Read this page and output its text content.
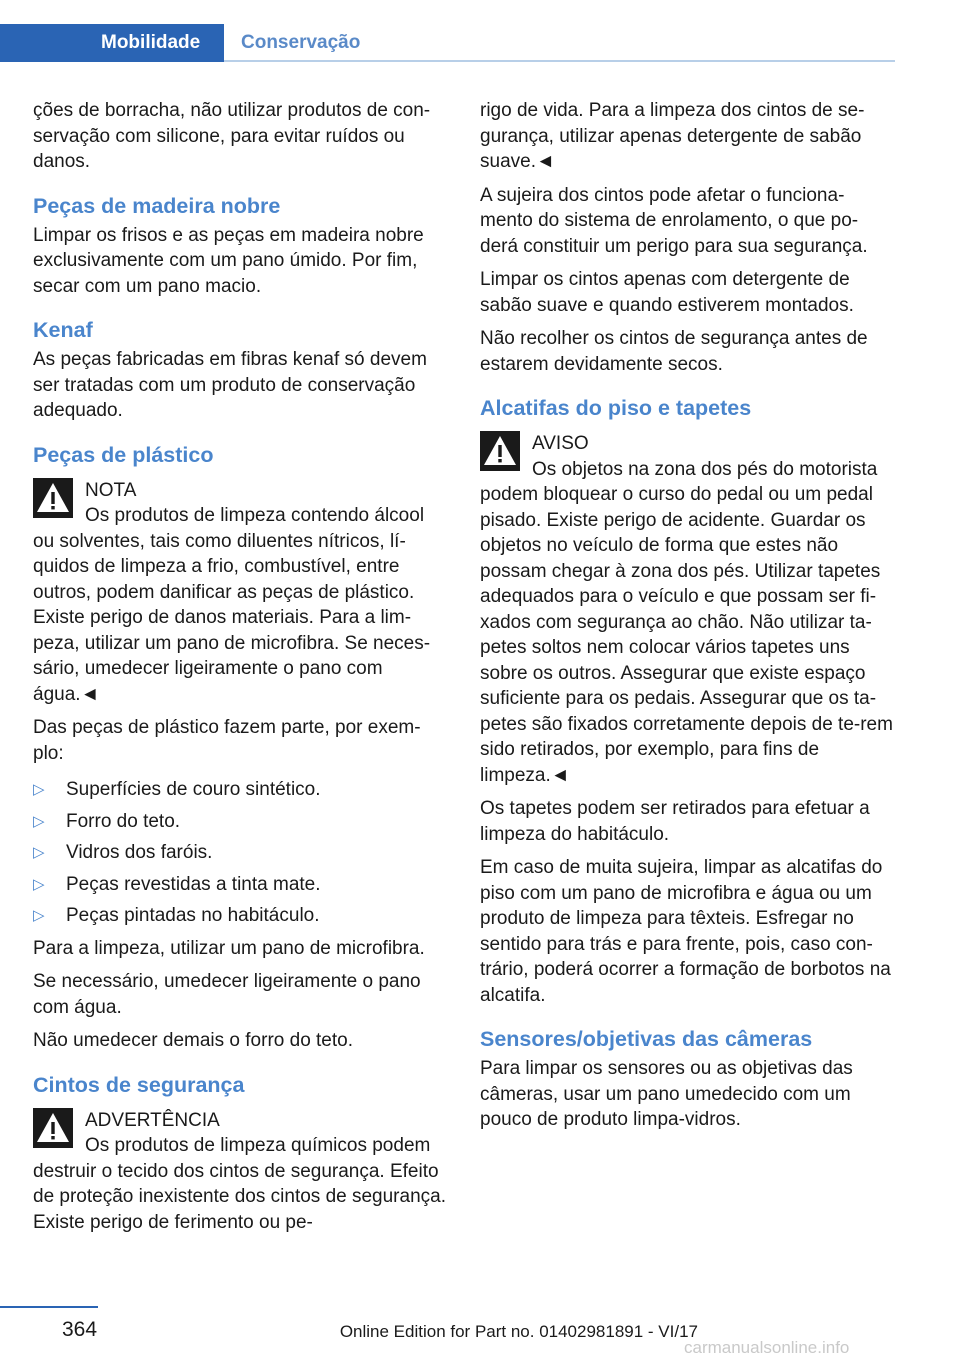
Mobilidade	Conservação

ções de borracha, não utilizar produtos de con-servação com silicone, para evitar ruídos ou danos.

Peças de madeira nobre

Limpar os frisos e as peças em madeira nobre exclusivamente com um pano úmido. Por fim, secar com um pano macio.

Kenaf

As peças fabricadas em fibras kenaf só devem ser tratadas com um produto de conservação adequado.

Peças de plástico
NOTA

Os produtos de limpeza contendo álcool ou solventes, tais como diluentes nítricos, lí-quidos de limpeza a frio, combustível, entre outros, podem danificar as peças de plástico. Existe perigo de danos materiais. Para a lim-peza, utilizar um pano de microfibra. Se neces-sário, umedecer ligeiramente o pano com água.◄

Das peças de plástico fazem parte, por exem-plo:

▷ Superfícies de couro sintético.
▷ Forro do teto.
▷ Vidros dos faróis.
▷ Peças revestidas a tinta mate.
▷ Peças pintadas no habitáculo.

Para a limpeza, utilizar um pano de microfibra.

Se necessário, umedecer ligeiramente o pano com água.

Não umedecer demais o forro do teto.

Cintos de segurança
ADVERTÊNCIA

Os produtos de limpeza químicos podem destruir o tecido dos cintos de segurança. Efeito de proteção inexistente dos cintos de segurança. Existe perigo de ferimento ou pe-

rigo de vida. Para a limpeza dos cintos de se-gurança, utilizar apenas detergente de sabão suave.◄

A sujeira dos cintos pode afetar o funciona-mento do sistema de enrolamento, o que po-derá constituir um perigo para sua segurança.

Limpar os cintos apenas com detergente de sabão suave e quando estiverem montados.

Não recolher os cintos de segurança antes de estarem devidamente secos.

Alcatifas do piso e tapetes
AVISO

Os objetos na zona dos pés do motorista podem bloquear o curso do pedal ou um pedal pisado. Existe perigo de acidente. Guardar os objetos no veículo de forma que estes não possam chegar à zona dos pés. Utilizar tapetes adequados para o veículo e que possam ser fi-xados com segurança ao chão. Não utilizar ta-petes soltos nem colocar vários tapetes uns sobre os outros. Assegurar que existe espaço suficiente para os pedais. Assegurar que os ta-petes são fixados corretamente depois de te-rem sido retirados, por exemplo, para fins de limpeza.◄

Os tapetes podem ser retirados para efetuar a limpeza do habitáculo.

Em caso de muita sujeira, limpar as alcatifas do piso com um pano de microfibra e água ou um produto de limpeza para têxteis. Esfregar no sentido para trás e para frente, pois, caso con-trário, poderá ocorrer a formação de borbotos na alcatifa.

Sensores/objetivas das câmeras

Para limpar os sensores ou as objetivas das câmeras, usar um pano umedecido com um pouco de produto limpa-vidros.

364	Online Edition for Part no. 01402981891 - VI/17
carmanualsonline.info
